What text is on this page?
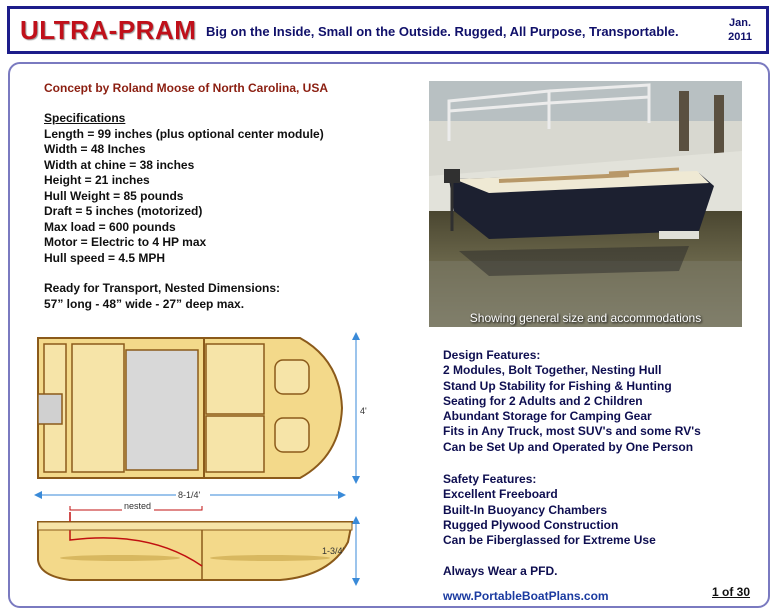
ULTRA-PRAM Big on the Inside, Small on the Outside. Rugged, All Purpose, Transportable.
Jan.
2011
Concept by Roland Moose of North Carolina, USA
Specifications
Length = 99 inches (plus optional center module)
Width = 48 Inches
Width at chine = 38 inches
Height = 21 inches
Hull Weight = 85 pounds
Draft = 5 inches (motorized)
Max load = 600 pounds
Motor = Electric to 4 HP max
Hull speed = 4.5 MPH
Ready for Transport, Nested Dimensions:
57” long - 48” wide - 27” deep max.
Showing general size and accommodations
4'
8-1/4'
nested
1-3/4'
Design Features:
2 Modules, Bolt Together, Nesting Hull
Stand Up Stability for Fishing & Hunting
Seating for 2 Adults and 2 Children
Abundant Storage for Camping Gear
Fits in Any Truck, most SUV's and some RV's
Can be Set Up and Operated by One Person
Safety Features:
Excellent Freeboard
Built-In Buoyancy Chambers
Rugged Plywood Construction
Can be Fiberglassed for Extreme Use
Always Wear a PFD.
www.PortableBoatPlans.com	1 of 30
